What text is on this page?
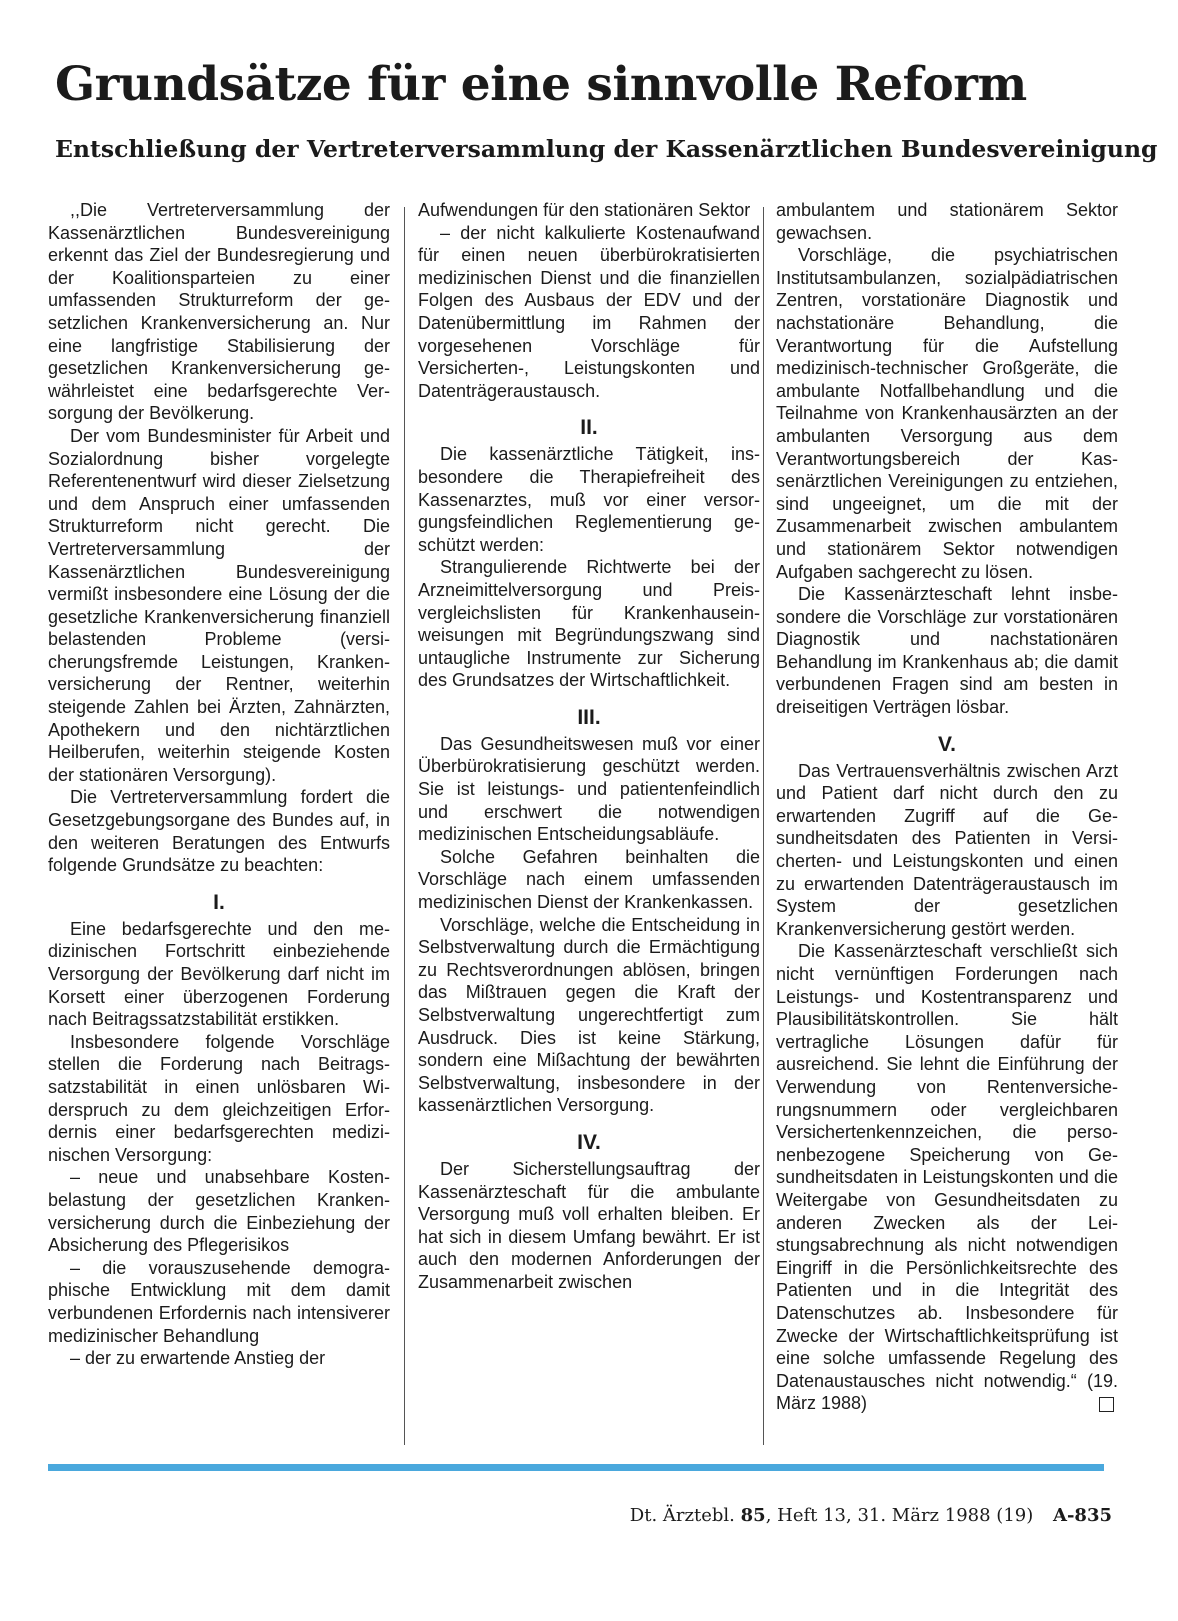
Grundsätze für eine sinnvolle Reform
Entschließung der Vertreterversammlung der Kassenärztlichen Bundesvereinigung

,,Die Vertreterversammlung der Kassenärztlichen Bundesvereinigung erkennt das Ziel der Bundesregierung und der Koalitionsparteien zu einer umfassenden Strukturreform der gesetzlichen Krankenversicherung an. Nur eine langfristige Stabilisierung der gesetzlichen Krankenversicherung gewährleistet eine bedarfsgerechte Versorgung der Bevölkerung.

Der vom Bundesminister für Arbeit und Sozialordnung bisher vorgelegte Referentenentwurf wird dieser Zielsetzung und dem Anspruch einer umfassenden Strukturreform nicht gerecht. Die Vertreterversammlung der Kassenärztlichen Bundesvereinigung vermißt insbesondere eine Lösung der die gesetzliche Krankenversicherung finanziell belastenden Probleme (versicherungsfremde Leistungen, Krankenversicherung der Rentner, weiterhin steigende Zahlen bei Ärzten, Zahnärzten, Apothekern und den nichtärztlichen Heilberufen, weiterhin steigende Kosten der stationären Versorgung).

Die Vertreterversammlung fordert die Gesetzgebungsorgane des Bundes auf, in den weiteren Beratungen des Entwurfs folgende Grundsätze zu beachten:

I.

Eine bedarfsgerechte und den medizinischen Fortschritt einbeziehende Versorgung der Bevölkerung darf nicht im Korsett einer überzogenen Forderung nach Beitragssatzstabilität erstikken.

Insbesondere folgende Vorschläge stellen die Forderung nach Beitragssatzstabilität in einen unlösbaren Widerspruch zu dem gleichzeitigen Erfordernis einer bedarfsgerechten medizinischen Versorgung:

– neue und unabsehbare Kostenbelastung der gesetzlichen Krankenversicherung durch die Einbeziehung der Absicherung des Pflegerisikos

– die vorauszusehende demographische Entwicklung mit dem damit verbundenen Erfordernis nach intensiverer medizinischer Behandlung

– der zu erwartende Anstieg der

Aufwendungen für den stationären Sektor

– der nicht kalkulierte Kostenaufwand für einen neuen überbürokratisierten medizinischen Dienst und die finanziellen Folgen des Ausbaus der EDV und der Datenübermittlung im Rahmen der vorgesehenen Vorschläge für Versicherten-, Leistungskonten und Datenträgeraustausch.

II.

Die kassenärztliche Tätigkeit, insbesondere die Therapiefreiheit des Kassenarztes, muß vor einer versorgungsfeindlichen Reglementierung geschützt werden:

Strangulierende Richtwerte bei der Arzneimittelversorgung und Preisvergleichslisten für Krankenhauseinweisungen mit Begründungszwang sind untaugliche Instrumente zur Sicherung des Grundsatzes der Wirtschaftlichkeit.

III.

Das Gesundheitswesen muß vor einer Überbürokratisierung geschützt werden. Sie ist leistungs- und patientenfeindlich und erschwert die notwendigen medizinischen Entscheidungsabläufe.

Solche Gefahren beinhalten die Vorschläge nach einem umfassenden medizinischen Dienst der Krankenkassen.

Vorschläge, welche die Entscheidung in Selbstverwaltung durch die Ermächtigung zu Rechtsverordnungen ablösen, bringen das Mißtrauen gegen die Kraft der Selbstverwaltung ungerechtfertigt zum Ausdruck. Dies ist keine Stärkung, sondern eine Mißachtung der bewährten Selbstverwaltung, insbesondere in der kassenärztlichen Versorgung.

IV.

Der Sicherstellungsauftrag der Kassenärzteschaft für die ambulante Versorgung muß voll erhalten bleiben. Er hat sich in diesem Umfang bewährt. Er ist auch den modernen Anforderungen der Zusammenarbeit zwischen

ambulantem und stationärem Sektor gewachsen.

Vorschläge, die psychiatrischen Institutsambulanzen, sozialpädiatrischen Zentren, vorstationäre Diagnostik und nachstationäre Behandlung, die Verantwortung für die Aufstellung medizinisch-technischer Großgeräte, die ambulante Notfallbehandlung und die Teilnahme von Krankenhausärzten an der ambulanten Versorgung aus dem Verantwortungsbereich der Kassenärztlichen Vereinigungen zu entziehen, sind ungeeignet, um die mit der Zusammenarbeit zwischen ambulantem und stationärem Sektor notwendigen Aufgaben sachgerecht zu lösen.

Die Kassenärzteschaft lehnt insbesondere die Vorschläge zur vorstationären Diagnostik und nachstationären Behandlung im Krankenhaus ab; die damit verbundenen Fragen sind am besten in dreiseitigen Verträgen lösbar.

V.

Das Vertrauensverhältnis zwischen Arzt und Patient darf nicht durch den zu erwartenden Zugriff auf die Gesundheitsdaten des Patienten in Versicherten- und Leistungskonten und einen zu erwartenden Datenträgeraustausch im System der gesetzlichen Krankenversicherung gestört werden.

Die Kassenärzteschaft verschließt sich nicht vernünftigen Forderungen nach Leistungs- und Kostentransparenz und Plausibilitätskontrollen. Sie hält vertragliche Lösungen dafür für ausreichend. Sie lehnt die Einführung der Verwendung von Rentenversicherungsnummern oder vergleichbaren Versichertenkennzeichen, die personenbezogene Speicherung von Gesundheitsdaten in Leistungskonten und die Weitergabe von Gesundheitsdaten zu anderen Zwecken als der Leistungsabrechnung als nicht notwendigen Eingriff in die Persönlichkeitsrechte des Patienten und in die Integrität des Datenschutzes ab. Insbesondere für Zwecke der Wirtschaftlichkeitsprüfung ist eine solche umfassende Regelung des Datenaustausches nicht notwendig.“ (19. März 1988)

Dt. Ärztebl. 85, Heft 13, 31. März 1988 (19) A-835
